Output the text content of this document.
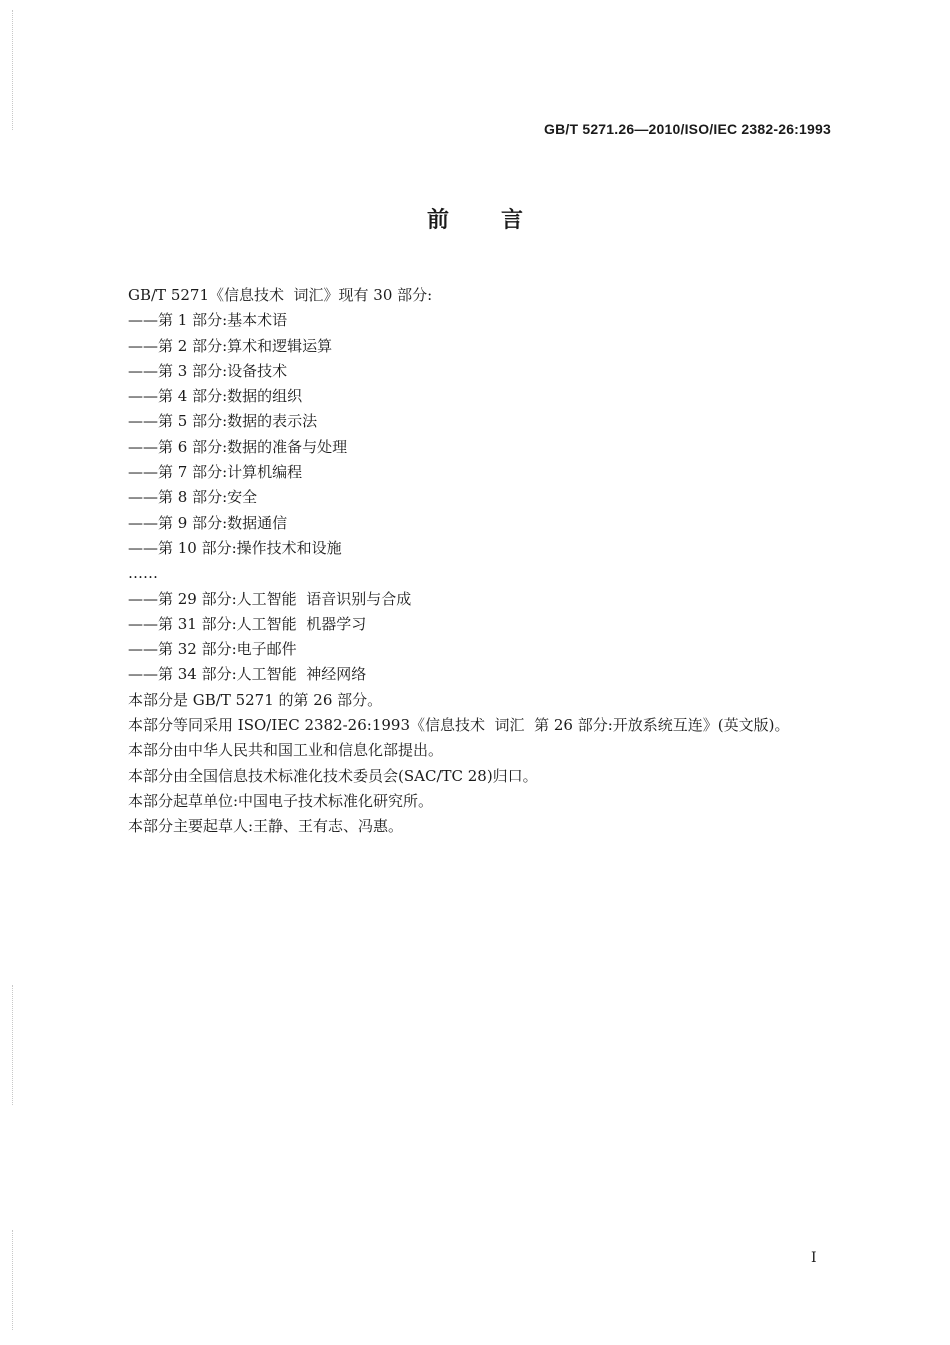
GB/T 5271.26—2010/ISO/IEC 2382-26:1993

前言

GB/T 5271《信息技术  词汇》现有 30 部分:

——第 1 部分:基本术语

——第 2 部分:算术和逻辑运算

——第 3 部分:设备技术

——第 4 部分:数据的组织

——第 5 部分:数据的表示法

——第 6 部分:数据的准备与处理

——第 7 部分:计算机编程

——第 8 部分:安全

——第 9 部分:数据通信

——第 10 部分:操作技术和设施

……

——第 29 部分:人工智能  语音识别与合成

——第 31 部分:人工智能  机器学习

——第 32 部分:电子邮件

——第 34 部分:人工智能  神经网络

本部分是 GB/T 5271 的第 26 部分。

本部分等同采用 ISO/IEC 2382-26:1993《信息技术  词汇  第 26 部分:开放系统互连》(英文版)。

本部分由中华人民共和国工业和信息化部提出。

本部分由全国信息技术标准化技术委员会(SAC/TC 28)归口。

本部分起草单位:中国电子技术标准化研究所。

本部分主要起草人:王静、王有志、冯惠。

I
